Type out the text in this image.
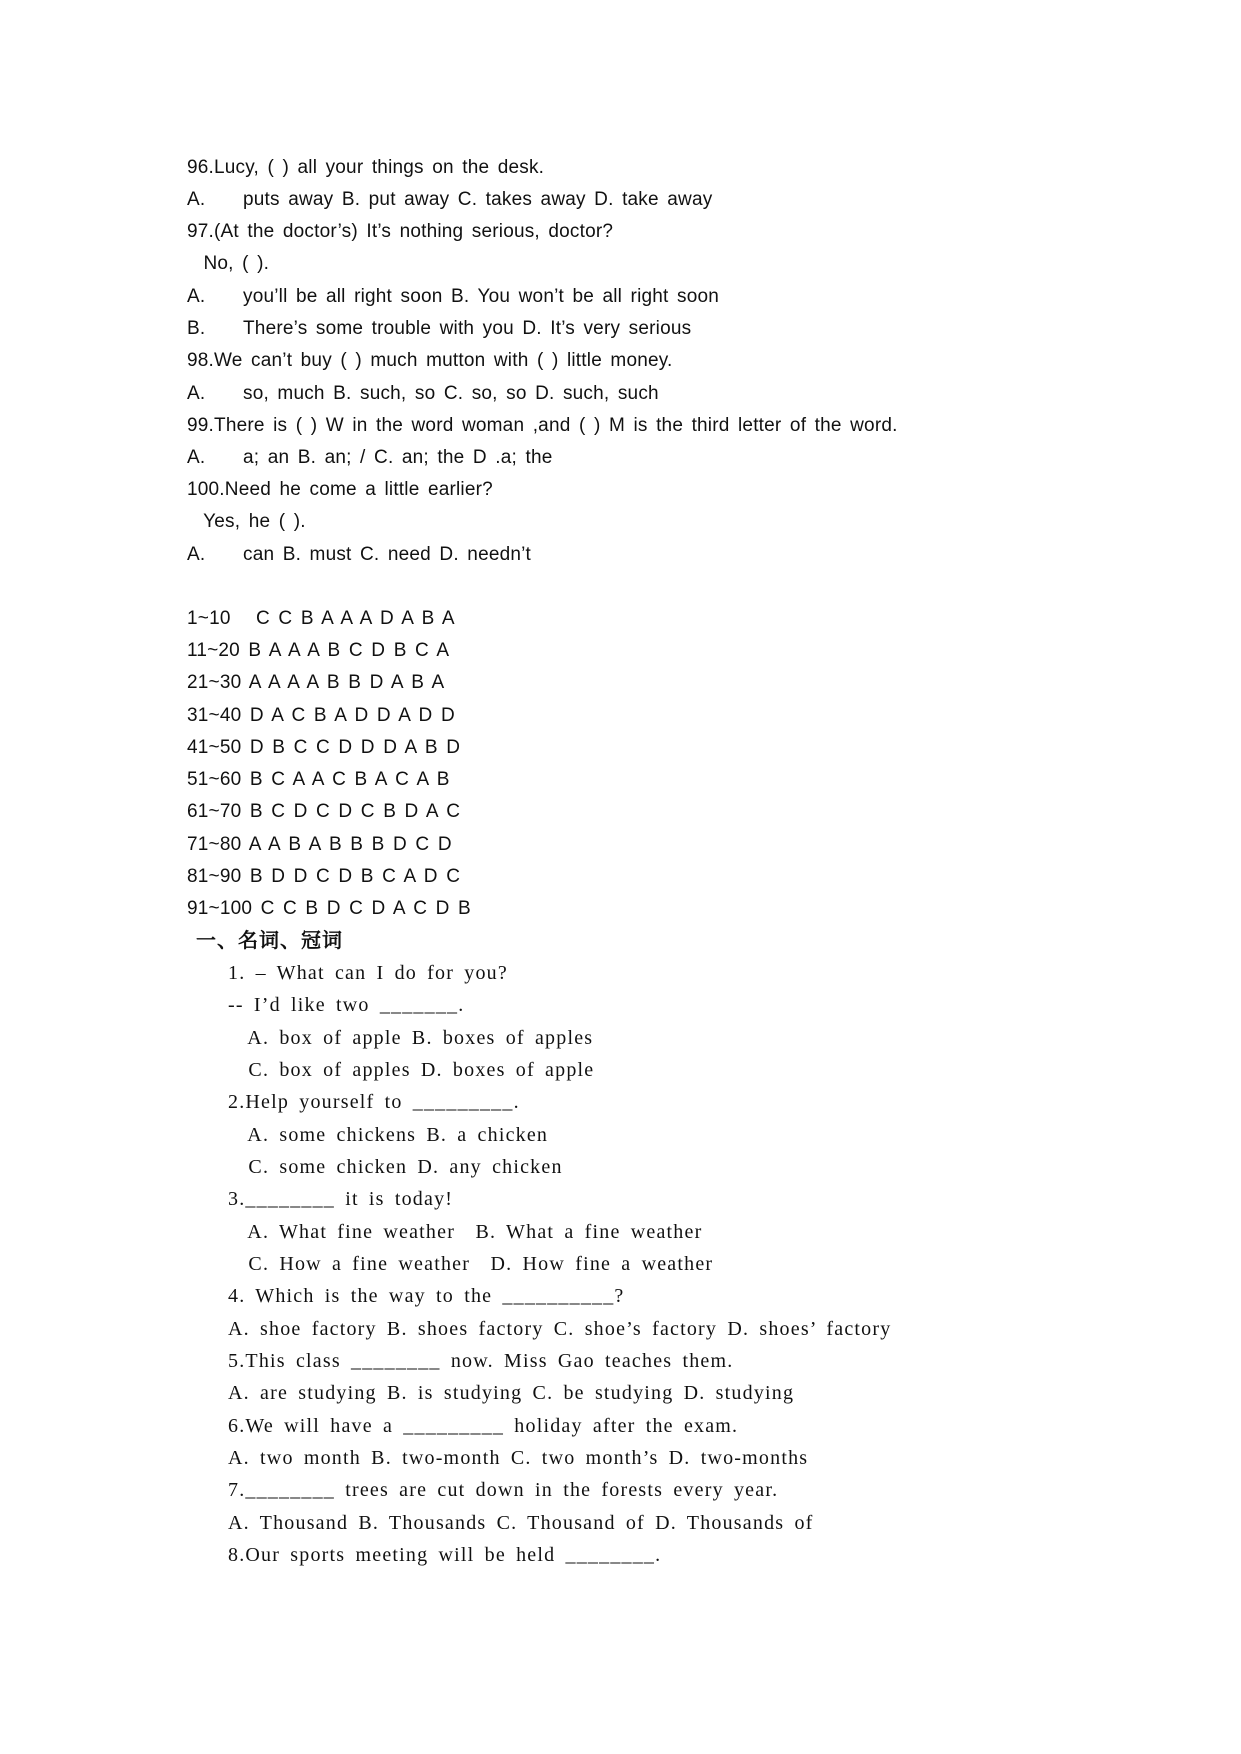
96.Lucy, ( ) all your things on the desk.
A. puts away B. put away C. takes away D. take away
97.(At the doctor’s) It’s nothing serious, doctor?
No, ( ).
A. you’ll be all right soon B. You won’t be all right soon
B. There’s some trouble with you D. It’s very serious
98.We can’t buy ( ) much mutton with ( ) little money.
A. so, much B. such, so C. so, so D. such, such
99.There is ( ) W in the word woman ,and ( ) M is the third letter of the word.
A. a; an B. an; / C. an; the D .a; the
100.Need he come a little earlier?
Yes, he ( ).
A. can B. must C. need D. needn’t
1~10   C C B A A A D A B A
11~20 B A A A B C D B C A
21~30 A A A A B B D A B A
31~40 D A C B A D D A D D
41~50 D B C C D D D A B D
51~60 B C A A C B A C A B
61~70 B C D C D C B D A C
71~80 A A B A B B B D C D
81~90 B D D C D B C A D C
91~100 C C B D C D A C D B
一、名词、冠词
1. – What can I do for you?
-- I’d like two _______.
A. box of apple B. boxes of apples
C. box of apples D. boxes of apple
2.Help yourself to _________.
A. some chickens B. a chicken
C. some chicken D. any chicken
3.________ it is today!
A. What fine weather  B. What a fine weather
C. How a fine weather  D. How fine a weather
4. Which is the way to the __________?
A. shoe factory B. shoes factory C. shoe’s factory D. shoes’ factory
5.This class ________ now. Miss Gao teaches them.
A. are studying B. is studying C. be studying D. studying
6.We will have a _________ holiday after the exam.
A. two month B. two-month C. two month’s D. two-months
7.________ trees are cut down in the forests every year.
A. Thousand B. Thousands C. Thousand of D. Thousands of
8.Our sports meeting will be held ________.
